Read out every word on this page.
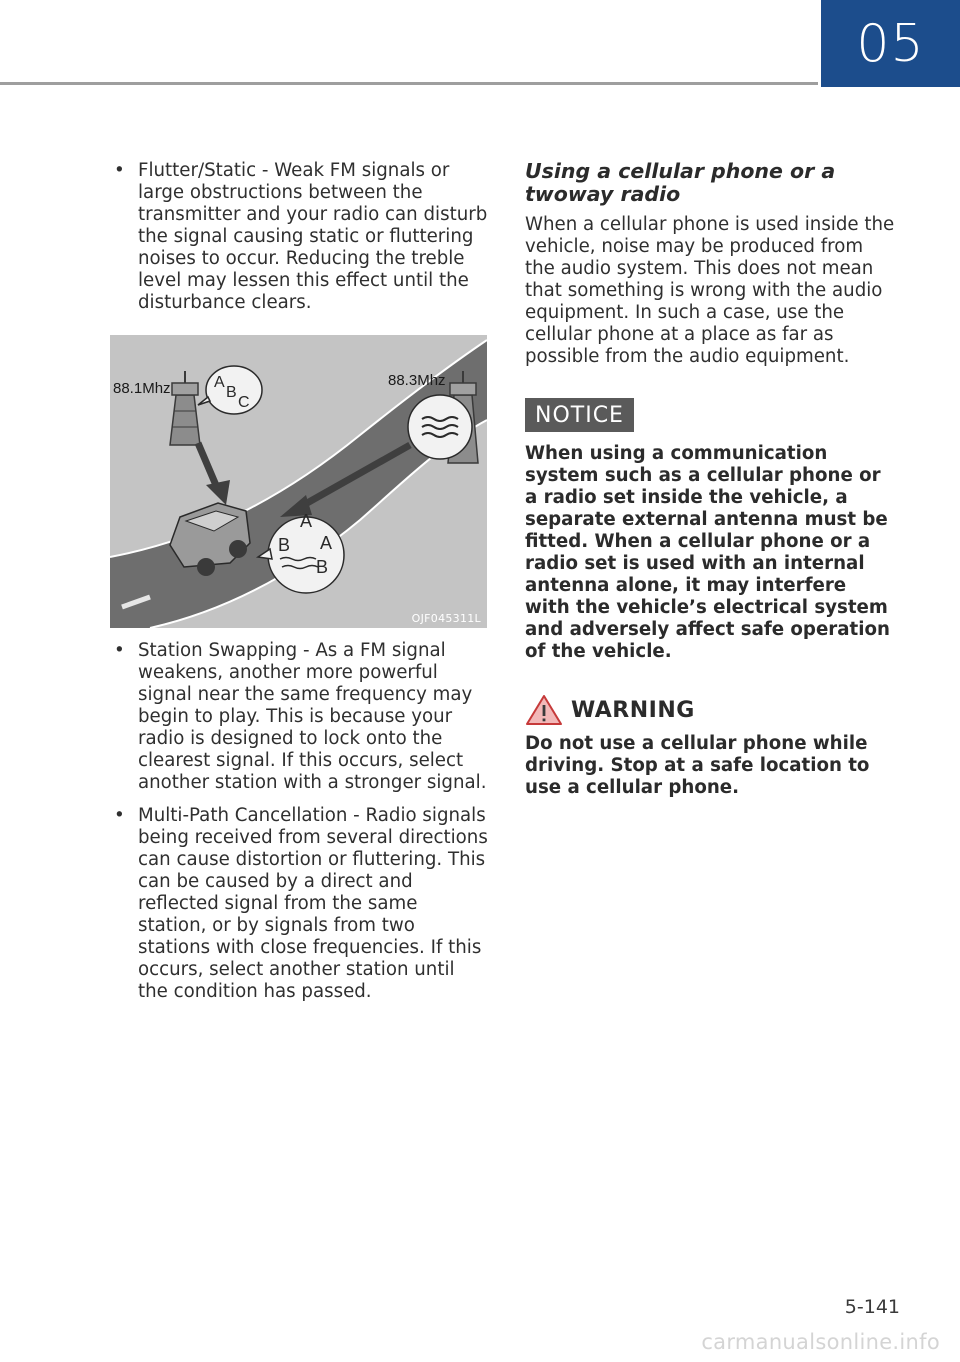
05
• Flutter/Static - Weak FM signals or large obstructions between the transmitter and your radio can disturb the signal causing static or fluttering noises to occur. Reducing the treble level may lessen this effect until the disturbance clears.
88.1Mhz	88.3Mhz
A
B
C
A
B A
B
OJF045311L
• Station Swapping - As a FM signal weakens, another more powerful signal near the same frequency may begin to play. This is because your radio is designed to lock onto the clearest signal. If this occurs, select another station with a stronger signal.
• Multi-Path Cancellation - Radio signals being received from several directions can cause distortion or fluttering. This can be caused by a direct and reflected signal from the same station, or by signals from two stations with close frequencies. If this occurs, select another station until the condition has passed.
Using a cellular phone or a twoway radio
When a cellular phone is used inside the vehicle, noise may be produced from the audio system. This does not mean that something is wrong with the audio equipment. In such a case, use the cellular phone at a place as far as possible from the audio equipment.
NOTICE
When using a communication system such as a cellular phone or a radio set inside the vehicle, a separate external antenna must be fitted. When a cellular phone or a radio set is used with an internal antenna alone, it may interfere with the vehicle’s electrical system and adversely affect safe operation of the vehicle.
WARNING
Do not use a cellular phone while driving. Stop at a safe location to use a cellular phone.
5-141
carmanualsonline.info
